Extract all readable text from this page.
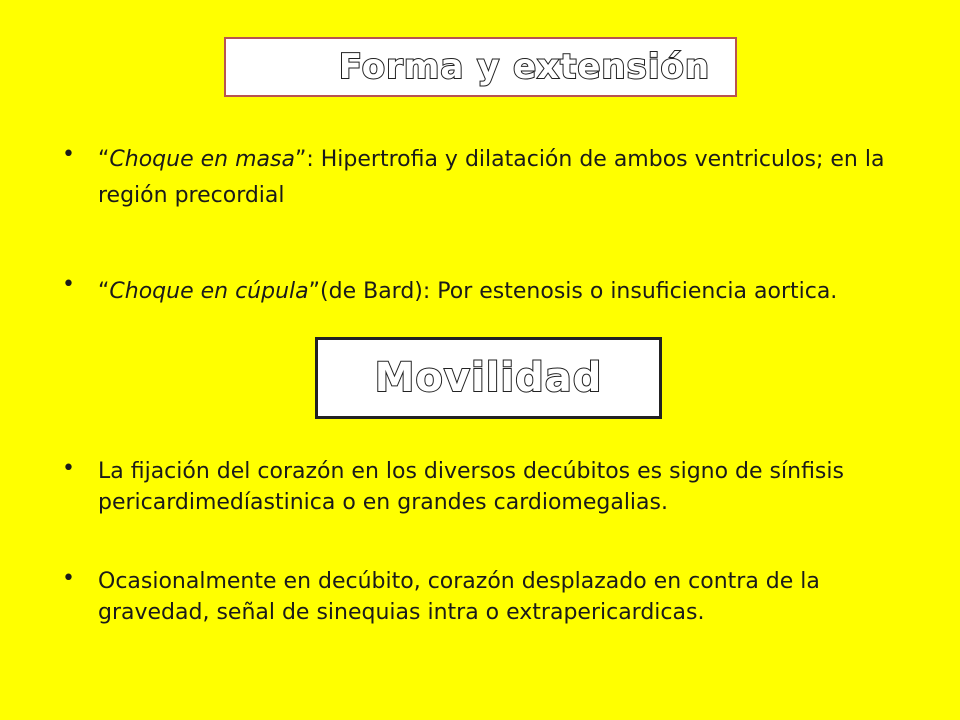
Forma y extensión
• “Choque en masa”: Hipertrofia y dilatación de ambos ventriculos; en la región precordial
• “Choque en cúpula”(de Bard): Por estenosis o insuficiencia aortica.
Movilidad
• La fijación del corazón en los diversos decúbitos es signo de sínfisis pericardimedíastinica o en grandes cardiomegalias.
• Ocasionalmente en decúbito, corazón desplazado en contra de la gravedad, señal de sinequias intra o extrapericardicas.
